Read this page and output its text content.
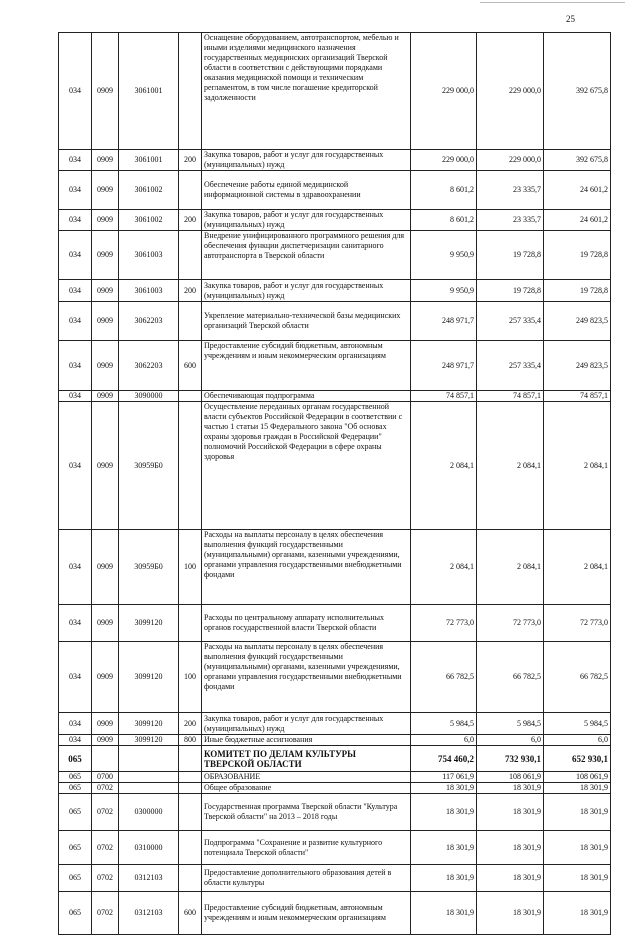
25
034	0909	3061001		Оснащение оборудованием, автотранспортом, мебелью и иными изделиями медицинского назначения государственных медицинских организаций Тверской области в соответствии с действующими порядками оказания медицинской помощи и техническим регламентом, в том числе погашение кредиторской задолженности	229 000,0	229 000,0	392 675,8
034	0909	3061001	200	Закупка товаров, работ и услуг для государственных (муниципальных) нужд	229 000,0	229 000,0	392 675,8
034	0909	3061002		Обеспечение работы единой медицинской информационной системы в здравоохранении	8 601,2	23 335,7	24 601,2
034	0909	3061002	200	Закупка товаров, работ и услуг для государственных (муниципальных) нужд	8 601,2	23 335,7	24 601,2
034	0909	3061003		Внедрение унифицированного программного решения для обеспечения функции диспетчеризации санитарного автотранспорта в Тверской области	9 950,9	19 728,8	19 728,8
034	0909	3061003	200	Закупка товаров, работ и услуг для государственных (муниципальных) нужд	9 950,9	19 728,8	19 728,8
034	0909	3062203		Укрепление материально-технической базы медицинских организаций Тверской области	248 971,7	257 335,4	249 823,5
034	0909	3062203	600	Предоставление субсидий бюджетным, автономным учреждениям и иным некоммерческим организациям	248 971,7	257 335,4	249 823,5
034	0909	3090000		Обеспечивающая подпрограмма	74 857,1	74 857,1	74 857,1
034	0909	30959Б0		Осуществление переданных органам государственной власти субъектов Российской Федерации в соответствии с частью 1 статьи 15 Федерального закона "Об основах охраны здоровья граждан в Российской Федерации" полномочий Российской Федерации в сфере охраны здоровья	2 084,1	2 084,1	2 084,1
034	0909	30959Б0	100	Расходы на выплаты персоналу в целях обеспечения выполнения функций государственными (муниципальными) органами, казенными учреждениями, органами управления государственными внебюджетными фондами	2 084,1	2 084,1	2 084,1
034	0909	3099120		Расходы по центральному аппарату исполнительных органов государственной власти Тверской области	72 773,0	72 773,0	72 773,0
034	0909	3099120	100	Расходы на выплаты персоналу в целях обеспечения выполнения функций государственными (муниципальными) органами, казенными учреждениями, органами управления государственными внебюджетными фондами	66 782,5	66 782,5	66 782,5
034	0909	3099120	200	Закупка товаров, работ и услуг для государственных (муниципальных) нужд	5 984,5	5 984,5	5 984,5
034	0909	3099120	800	Иные бюджетные ассигнования	6,0	6,0	6,0
065				КОМИТЕТ ПО ДЕЛАМ КУЛЬТУРЫ ТВЕРСКОЙ ОБЛАСТИ	754 460,2	732 930,1	652 930,1
065	0700			ОБРАЗОВАНИЕ	117 061,9	108 061,9	108 061,9
065	0702			Общее образование	18 301,9	18 301,9	18 301,9
065	0702	0300000		Государственная программа Тверской области "Культура Тверской области" на 2013 – 2018 годы	18 301,9	18 301,9	18 301,9
065	0702	0310000		Подпрограмма "Сохранение и развитие культурного потенциала Тверской области"	18 301,9	18 301,9	18 301,9
065	0702	0312103		Предоставление дополнительного образования детей в области культуры	18 301,9	18 301,9	18 301,9
065	0702	0312103	600	Предоставление субсидий бюджетным, автономным учреждениям и иным некоммерческим организациям	18 301,9	18 301,9	18 301,9
